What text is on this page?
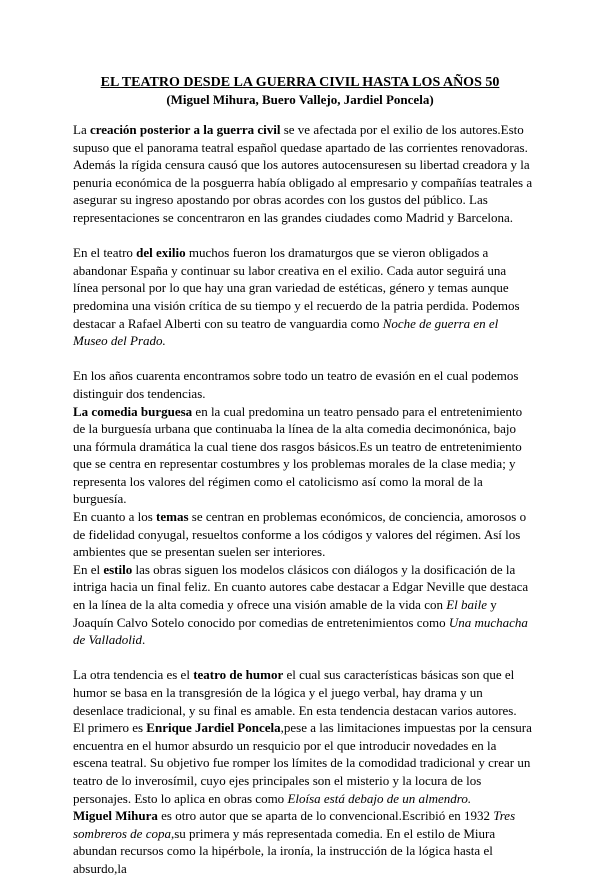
EL TEATRO DESDE LA GUERRA CIVIL HASTA LOS AÑOS 50
(Miguel Mihura, Buero Vallejo, Jardiel Poncela)

La creación posterior a la guerra civil se ve afectada por el exilio de los autores.Esto supuso que el panorama teatral español quedase apartado de las corrientes renovadoras. Además la rígida censura causó que los autores autocensuresen su libertad creadora y la penuria económica de la posguerra había obligado al empresario y compañías teatrales a asegurar su ingreso apostando por obras acordes con los gustos del público. Las representaciones se concentraron en las grandes ciudades como Madrid y Barcelona.

En el teatro del exilio muchos fueron los dramaturgos que se vieron obligados a abandonar España y continuar su labor creativa en el exilio. Cada autor seguirá una línea personal por lo que hay una gran variedad de estéticas, género y temas aunque predomina una visión crítica de su tiempo y el recuerdo de la patria perdida. Podemos destacar a Rafael Alberti con su teatro de vanguardia como Noche de guerra en el Museo del Prado.

En los años cuarenta encontramos sobre todo un teatro de evasión en el cual podemos distinguir dos tendencias.

La comedia burguesa en la cual predomina un teatro pensado para el entretenimiento de la burguesía urbana que continuaba la línea de la alta comedia decimonónica, bajo una fórmula dramática la cual tiene dos rasgos básicos.Es un teatro de entretenimiento que se centra en representar costumbres y los problemas morales de la clase media; y representa los valores del régimen como el catolicismo así como la moral de la burguesía.

En cuanto a los temas se centran en problemas económicos, de conciencia, amorosos o de fidelidad conyugal, resueltos conforme a los códigos y valores del régimen. Así los ambientes que se presentan suelen ser interiores.

En el estilo las obras siguen los modelos clásicos con diálogos y la dosificación de la intriga hacia un final feliz. En cuanto autores cabe destacar a Edgar Neville que destaca en la línea de la alta comedia y ofrece una visión amable de la vida con El baile y Joaquín Calvo Sotelo conocido por comedias de entretenimientos como Una muchacha de Valladolid.

La otra tendencia es el teatro de humor el cual sus características básicas son que el humor se basa en la transgresión de la lógica y el juego verbal, hay drama y un desenlace tradicional, y su final es amable. En esta tendencia destacan varios autores.

El primero es Enrique Jardiel Poncela,pese a las limitaciones impuestas por la censura encuentra en el humor absurdo un resquicio por el que introducir novedades en la escena teatral. Su objetivo fue romper los límites de la comodidad tradicional y crear un teatro de lo inverosímil, cuyo ejes principales son el misterio y la locura de los personajes. Esto lo aplica en obras como Eloísa está debajo de un almendro.

Miguel Mihura es otro autor que se aparta de lo convencional.Escribió en 1932 Tres sombreros de copa,su primera y más representada comedia. En el estilo de Miura abundan recursos como la hipérbole, la ironía, la instrucción de la lógica hasta el absurdo,la
